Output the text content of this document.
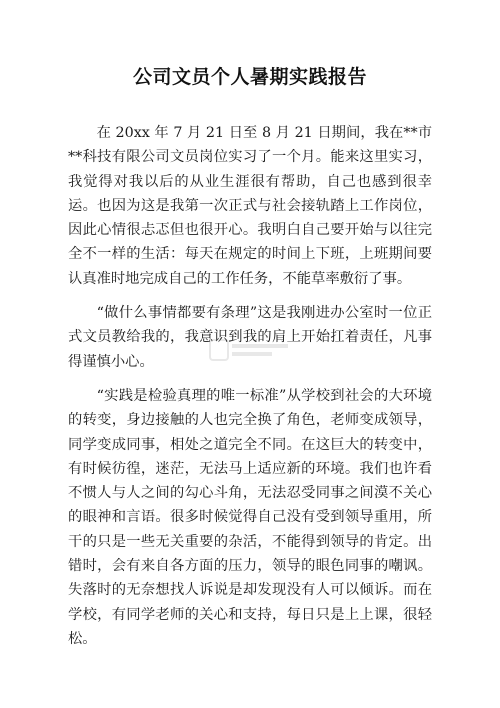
公司文员个人暑期实践报告

在 20xx 年 7 月 21 日至 8 月 21 日期间，我在**市**科技有限公司文员岗位实习了一个月。能来这里实习，我觉得对我以后的从业生涯很有帮助，自己也感到很幸运。也因为这是我第一次正式与社会接轨踏上工作岗位，因此心情很忐忑但也很开心。我明白自己要开始与以往完全不一样的生活：每天在规定的时间上下班，上班期间要认真准时地完成自己的工作任务，不能草率敷衍了事。

“做什么事情都要有条理”这是我刚进办公室时一位正式文员教给我的，我意识到我的肩上开始扛着责任，凡事得谨慎小心。

“实践是检验真理的唯一标准”从学校到社会的大环境的转变，身边接触的人也完全换了角色，老师变成领导，同学变成同事，相处之道完全不同。在这巨大的转变中，有时候彷徨，迷茫，无法马上适应新的环境。我们也许看不惯人与人之间的勾心斗角，无法忍受同事之间漠不关心的眼神和言语。很多时候觉得自己没有受到领导重用，所干的只是一些无关重要的杂活，不能得到领导的肯定。出错时，会有来自各方面的压力，领导的眼色同事的嘲讽。失落时的无奈想找人诉说是却发现没有人可以倾诉。而在学校，有同学老师的关心和支持，每日只是上上课，很轻松。
